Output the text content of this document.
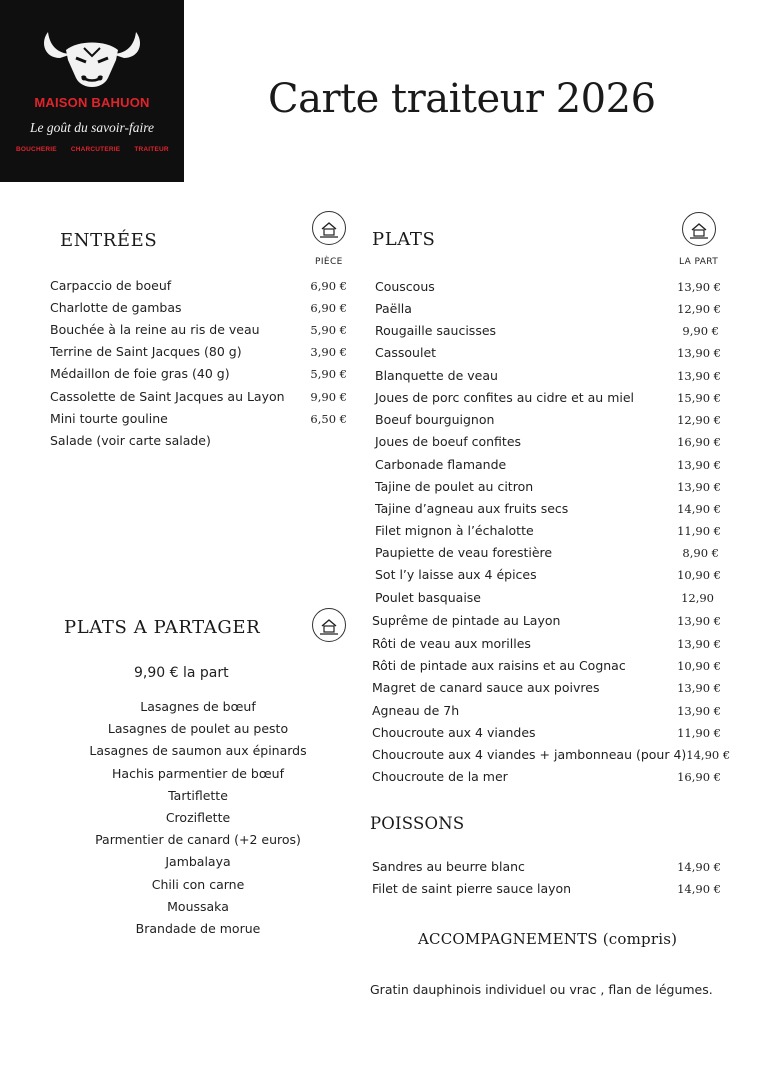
MAISON BAHUON
Le goût du savoir-faire
BOUCHERIE CHARCUTERIE TRAITEUR
Carte traiteur 2026
ENTRÉES
PIÈCE
Carpaccio de boeuf	6,90 €
Charlotte de gambas	6,90 €
Bouchée à la reine au ris de veau	5,90 €
Terrine de Saint Jacques (80 g)	3,90 €
Médaillon de foie gras (40 g)	5,90 €
Cassolette de Saint Jacques au Layon 9,90 €
Mini tourte gouline	6,50 €
Salade (voir carte salade)
PLATS A PARTAGER
9,90 € la part
Lasagnes de bœuf
Lasagnes de poulet au pesto
Lasagnes de saumon aux épinards
Hachis parmentier de bœuf
Tartiflette
Croziflette
Parmentier de canard (+2 euros)
Jambalaya
Chili con carne
Moussaka
Brandade de morue
PLATS
LA PART
Couscous	13,90 €
Paëlla	12,90 €
Rougaille saucisses	9,90 €
Cassoulet	13,90 €
Blanquette de veau	13,90 €
Joues de porc confites au cidre et au miel	15,90 €
Boeuf bourguignon	12,90 €
Joues de boeuf confites	16,90 €
Carbonade flamande	13,90 €
Tajine de poulet au citron	13,90 €
Tajine d’agneau aux fruits secs	14,90 €
Filet mignon à l’échalotte	11,90 €
Paupiette de veau forestière	8,90 €
Sot l’y laisse aux 4 épices	10,90 €
Poulet basquaise	12,90
Suprême de pintade au Layon	13,90 €
Rôti de veau aux morilles	13,90 €
Rôti de pintade aux raisins et au Cognac	10,90 €
Magret de canard sauce aux poivres	13,90 €
Agneau de 7h	13,90 €
Choucroute aux 4 viandes	11,90 €
Choucroute aux 4 viandes + jambonneau (pour 4) 14,90 €
Choucroute de la mer	16,90 €
POISSONS
Sandres au beurre blanc	14,90 €
Filet de saint pierre sauce layon	14,90 €
ACCOMPAGNEMENTS (compris)
Gratin dauphinois individuel ou vrac , flan de légumes.
